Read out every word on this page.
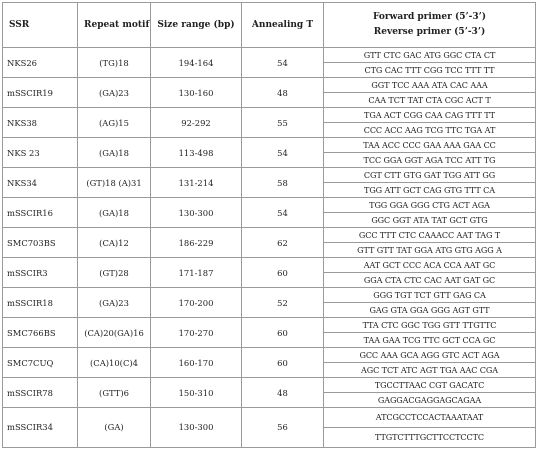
SSR	Repeat motif	Size range (bp)	Annealing T	Forward primer (5’-3’)
Reverse primer (5’-3’)

NKS26	(TG)18	194-164	54	GTT CTC GAC ATG GGC CTA CT
				CTG CAC TTT CGG TCC TTT TT
mSSCIR19	(GA)23	130-160	48	GGT TCC AAA ATA CAC AAA
				CAA TCT TAT CTA CGC ACT T
NKS38	(AG)15	92-292	55	TGA ACT CGG CAA CAG TTT TT
				CCC ACC AAG TCG TTC TGA AT
NKS 23	(GA)18	113-498	54	TAA ACC CCC GAA AAA GAA CC
				TCC GGA GGT AGA TCC ATT TG
NKS34	(GT)18 (A)31	131-214	58	CGT CTT GTG GAT TGG ATT GG
				TGG ATT GCT CAG GTG TTT CA
mSSCIR16	(GA)18	130-300	54	TGG GGA GGG CTG ACT AGA
				GGC GGT ATA TAT GCT GTG
SMC703BS	(CA)12	186-229	62	GCC TTT CTC CAAACC AAT TAG T
				GTT GTT TAT GGA ATG GTG AGG A
mSSCIR3	(GT)28	171-187	60	AAT GCT CCC ACA CCA AAT GC
				GGA CTA CTC CAC AAT GAT GC
mSSCIR18	(GA)23	170-200	52	GGG TGT TCT GTT GAG CA
				GAG GTA GGA GGG AGT GTT
SMC766BS	(CA)20(GA)16	170-270	60	TTA CTC GGC TGG GTT TTGTTC
				TAA GAA TCG TTC GCT CCA GC
SMC7CUQ	(CA)10(C)4	160-170	60	GCC AAA GCA AGG GTC ACT AGA
				AGC TCT ATC AGT TGA AAC CGA
mSSCIR78	(GTT)6	150-310	48	TGCCTTAAC CGT GACATC
				GAGGACGAGGAGCAGAA
mSSCIR34	(GA)	130-300	56	ATCGCCTCCACTAAATAAT
				TTGTCTTTGCTTCCTCCTC
